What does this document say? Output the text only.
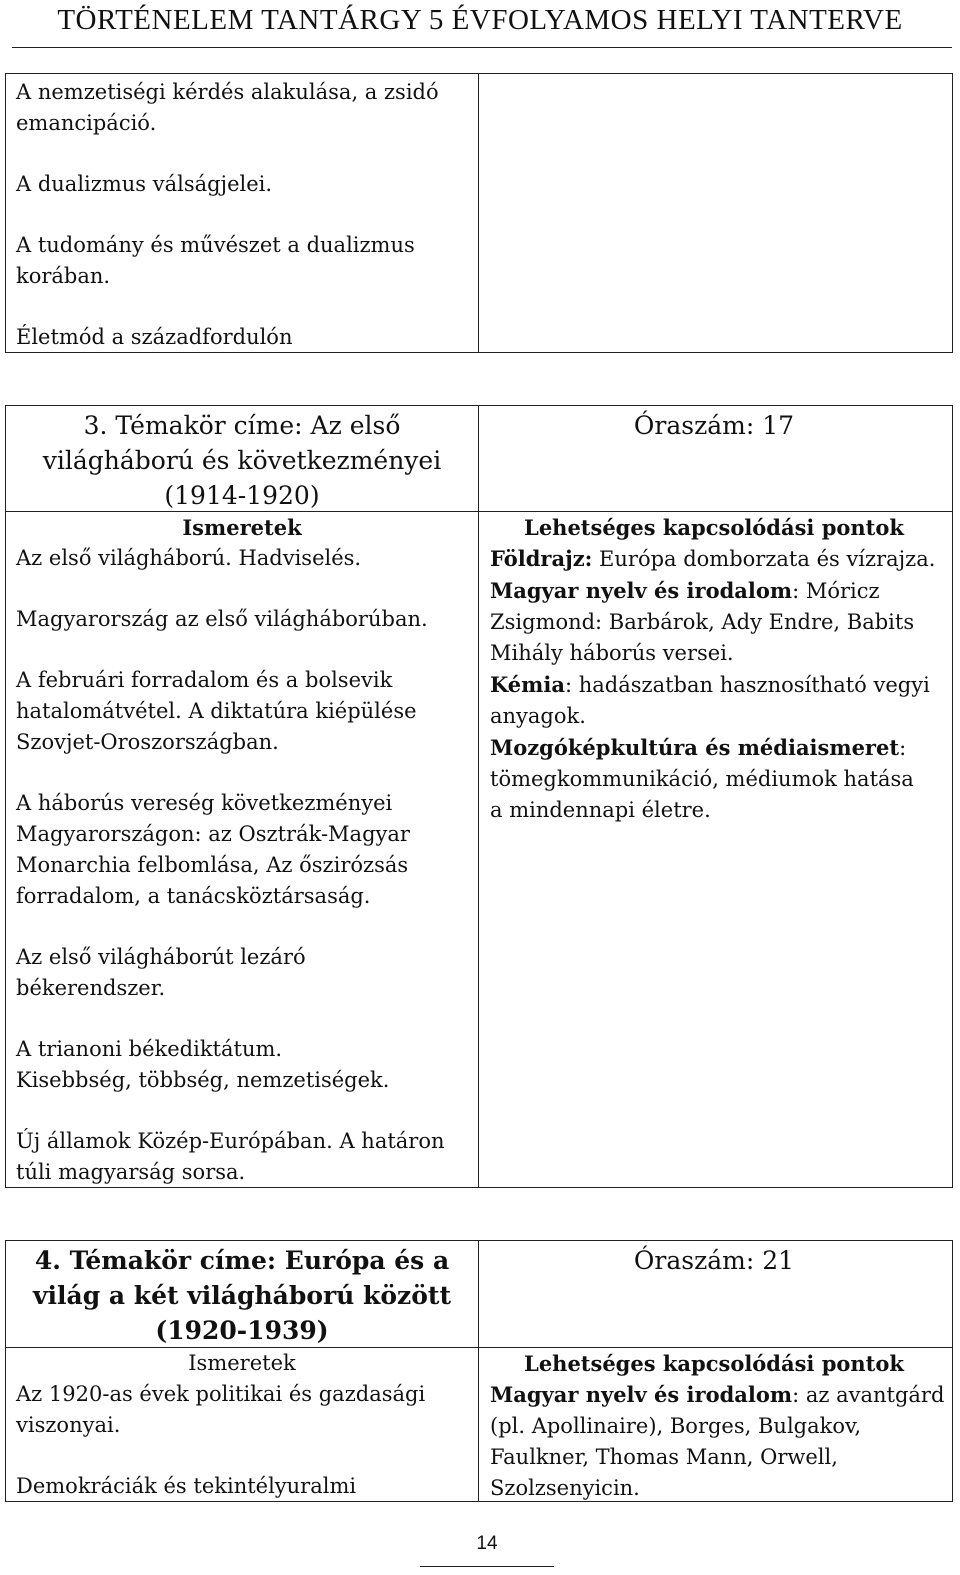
TÖRTÉNELEM TANTÁRGY 5 ÉVFOLYAMOS HELYI TANTERVE
A nemzetiségi kérdés alakulása, a zsidó
emancipáció.
A dualizmus válságjelei.
A tudomány és művészet a dualizmus
korában.
Életmód a századfordulón
3. Témakör címe: Az első
világháború és következményei
(1914-1920)
Óraszám: 17
Ismeretek	Lehetséges kapcsolódási pontok
Az első világháború. Hadviselés.
Magyarország az első világháborúban.
A februári forradalom és a bolsevik
hatalomátvétel. A diktatúra kiépülése
Szovjet-Oroszországban.
A háborús vereség következményei
Magyarországon: az Osztrák-Magyar
Monarchia felbomlása, Az őszirózsás
forradalom, a tanácsköztársaság.
Az első világháborút lezáró
békerendszer.
A trianoni békediktátum.
Kisebbség, többség, nemzetiségek.
Új államok Közép-Európában. A határon
túli magyarság sorsa.
Földrajz: Európa domborzata és vízrajza.
Magyar nyelv és irodalom: Móricz
Zsigmond: Barbárok, Ady Endre, Babits
Mihály háborús versei.
Kémia: hadászatban hasznosítható vegyi
anyagok.
Mozgóképkultúra és médiaismeret:
tömegkommunikáció, médiumok hatása
a mindennapi életre.
4. Témakör címe: Európa és a
világ a két világháború között
(1920-1939)
Óraszám: 21
Ismeretek	Lehetséges kapcsolódási pontok
Az 1920-as évek politikai és gazdasági
viszonyai.
Demokráciák és tekintélyuralmi
Magyar nyelv és irodalom: az avantgárd
(pl. Apollinaire), Borges, Bulgakov,
Faulkner, Thomas Mann, Orwell,
Szolzsenyicin.
14
